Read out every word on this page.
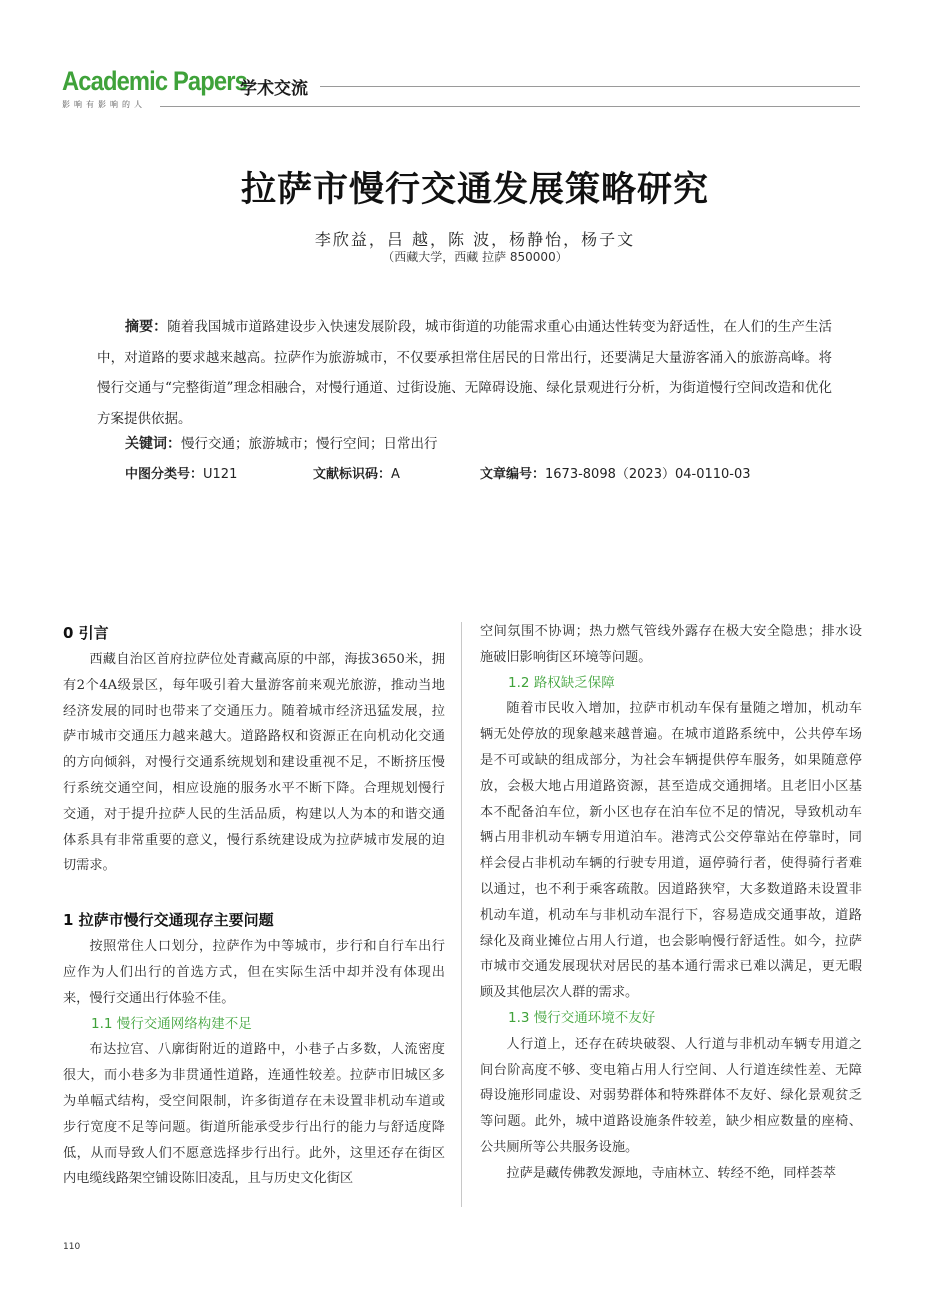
Academic Papers
学术交流
影响有影响的人
拉萨市慢行交通发展策略研究
李欣益，吕 越，陈 波，杨静怡，杨子文
（西藏大学，西藏 拉萨 850000）
摘要：随着我国城市道路建设步入快速发展阶段，城市街道的功能需求重心由通达性转变为舒适性，在人们的生产生活中，对道路的要求越来越高。拉萨作为旅游城市，不仅要承担常住居民的日常出行，还要满足大量游客涌入的旅游高峰。将慢行交通与“完整街道”理念相融合，对慢行通道、过街设施、无障碍设施、绿化景观进行分析，为街道慢行空间改造和优化方案提供依据。
关键词：慢行交通；旅游城市；慢行空间；日常出行
中图分类号：U121	文献标识码：A	文章编号：1673-8098（2023）04-0110-03
0 引言

西藏自治区首府拉萨位处青藏高原的中部，海拔3650米，拥有2个4A级景区，每年吸引着大量游客前来观光旅游，推动当地经济发展的同时也带来了交通压力。随着城市经济迅猛发展，拉萨市城市交通压力越来越大。道路路权和资源正在向机动化交通的方向倾斜，对慢行交通系统规划和建设重视不足，不断挤压慢行系统交通空间，相应设施的服务水平不断下降。合理规划慢行交通，对于提升拉萨人民的生活品质，构建以人为本的和谐交通体系具有非常重要的意义，慢行系统建设成为拉萨城市发展的迫切需求。

1 拉萨市慢行交通现存主要问题

按照常住人口划分，拉萨作为中等城市，步行和自行车出行应作为人们出行的首选方式，但在实际生活中却并没有体现出来，慢行交通出行体验不佳。

1.1 慢行交通网络构建不足

布达拉宫、八廓街附近的道路中，小巷子占多数，人流密度很大，而小巷多为非贯通性道路，连通性较差。拉萨市旧城区多为单幅式结构，受空间限制，许多街道存在未设置非机动车道或步行宽度不足等问题。街道所能承受步行出行的能力与舒适度降低，从而导致人们不愿意选择步行出行。此外，这里还存在街区内电缆线路架空铺设陈旧凌乱，且与历史文化街区

空间氛围不协调；热力燃气管线外露存在极大安全隐患；排水设施破旧影响街区环境等问题。

1.2 路权缺乏保障

随着市民收入增加，拉萨市机动车保有量随之增加，机动车辆无处停放的现象越来越普遍。在城市道路系统中，公共停车场是不可或缺的组成部分，为社会车辆提供停车服务，如果随意停放，会极大地占用道路资源，甚至造成交通拥堵。且老旧小区基本不配备泊车位，新小区也存在泊车位不足的情况，导致机动车辆占用非机动车辆专用道泊车。港湾式公交停靠站在停靠时，同样会侵占非机动车辆的行驶专用道，逼停骑行者，使得骑行者难以通过，也不利于乘客疏散。因道路狭窄，大多数道路未设置非机动车道，机动车与非机动车混行下，容易造成交通事故，道路绿化及商业摊位占用人行道，也会影响慢行舒适性。如今，拉萨市城市交通发展现状对居民的基本通行需求已难以满足，更无暇顾及其他层次人群的需求。

1.3 慢行交通环境不友好

人行道上，还存在砖块破裂、人行道与非机动车辆专用道之间台阶高度不够、变电箱占用人行空间、人行道连续性差、无障碍设施形同虚设、对弱势群体和特殊群体不友好、绿化景观贫乏等问题。此外，城中道路设施条件较差，缺少相应数量的座椅、公共厕所等公共服务设施。

拉萨是藏传佛教发源地，寺庙林立、转经不绝，同样荟萃

110
